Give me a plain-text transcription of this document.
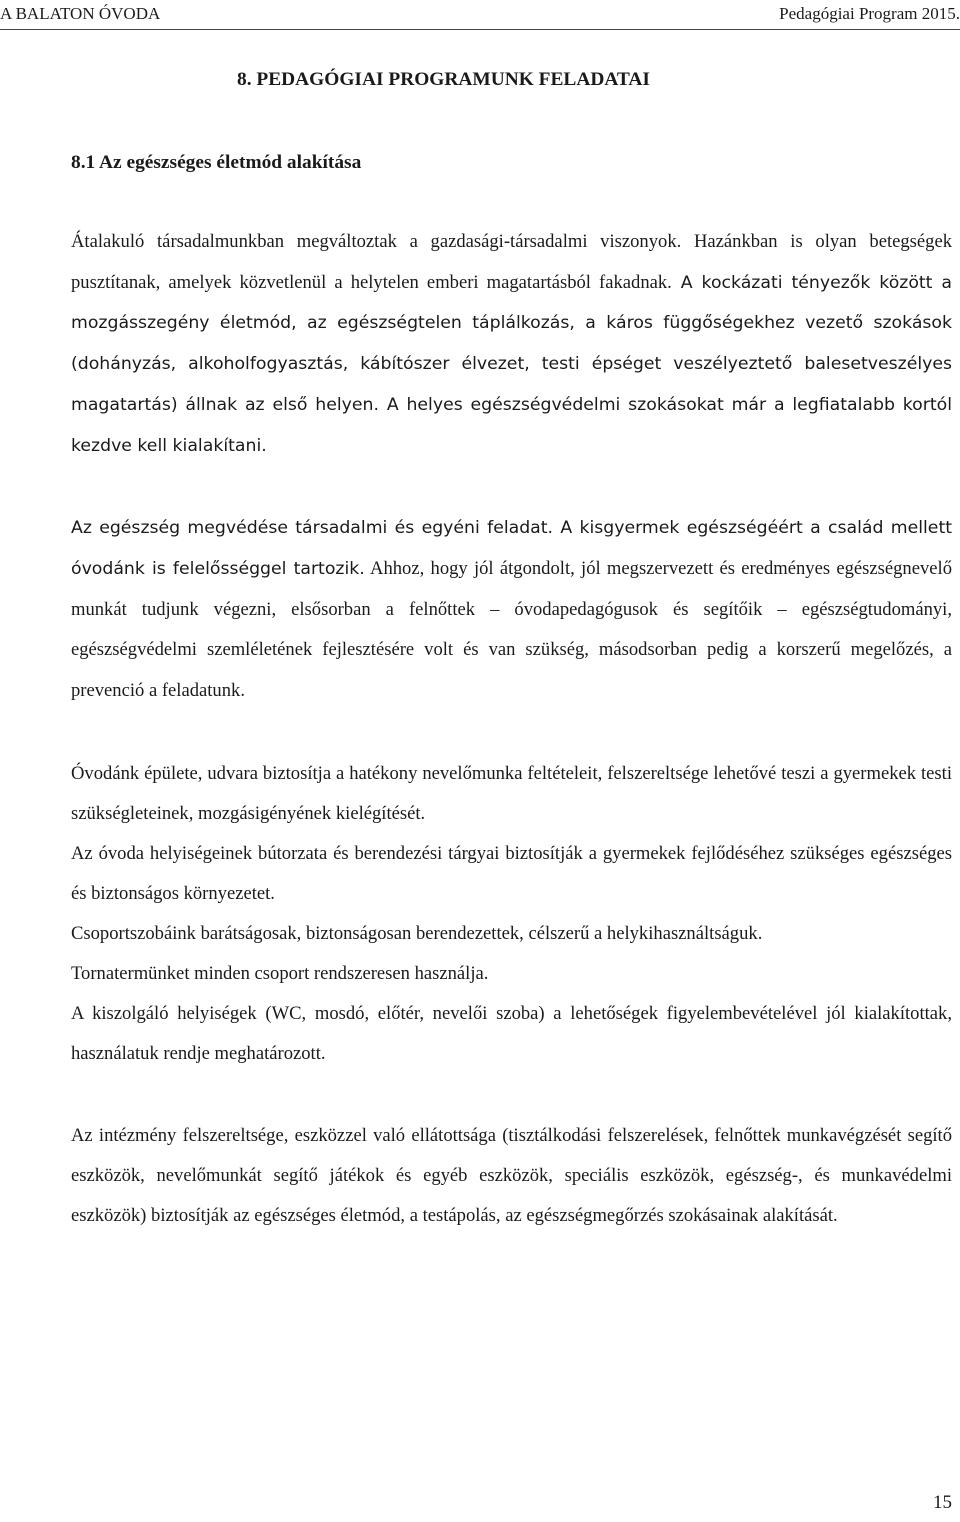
A BALATON ÓVODA	Pedagógiai Program 2015.
8. PEDAGÓGIAI PROGRAMUNK FELADATAI
8.1 Az egészséges életmód alakítása

Átalakuló társadalmunkban megváltoztak a gazdasági-társadalmi viszonyok. Hazánkban is olyan betegségek pusztítanak, amelyek közvetlenül a helytelen emberi magatartásból fakadnak. A kockázati tényezők között a mozgásszegény életmód, az egészségtelen táplálkozás, a káros függőségekhez vezető szokások (dohányzás, alkoholfogyasztás, kábítószer élvezet, testi épséget veszélyeztető balesetveszélyes magatartás) állnak az első helyen. A helyes egészségvédelmi szokásokat már a legfiatalabb kortól kezdve kell kialakítani.

Az egészség megvédése társadalmi és egyéni feladat. A kisgyermek egészségéért a család mellett óvodánk is felelősséggel tartozik. Ahhoz, hogy jól átgondolt, jól megszervezett és eredményes egészségnevelő munkát tudjunk végezni, elsősorban a felnőttek – óvodapedagógusok és segítőik – egészségtudományi, egészségvédelmi szemléletének fejlesztésére volt és van szükség, másodsorban pedig a korszerű megelőzés, a prevenció a feladatunk.

Óvodánk épülete, udvara biztosítja a hatékony nevelőmunka feltételeit, felszereltsége lehetővé teszi a gyermekek testi szükségleteinek, mozgásigényének kielégítését.

Az óvoda helyiségeinek bútorzata és berendezési tárgyai biztosítják a gyermekek fejlődéséhez szükséges egészséges és biztonságos környezetet.

Csoportszobáink barátságosak, biztonságosan berendezettek, célszerű a helykihasználtságuk.

Tornatermünket minden csoport rendszeresen használja.

A kiszolgáló helyiségek (WC, mosdó, előtér, nevelői szoba) a lehetőségek figyelembevételével jól kialakítottak, használatuk rendje meghatározott.

Az intézmény felszereltsége, eszközzel való ellátottsága (tisztálkodási felszerelések, felnőttek munkavégzését segítő eszközök, nevelőmunkát segítő játékok és egyéb eszközök, speciális eszközök, egészség-, és munkavédelmi eszközök) biztosítják az egészséges életmód, a testápolás, az egészségmegőrzés szokásainak alakítását.

15
